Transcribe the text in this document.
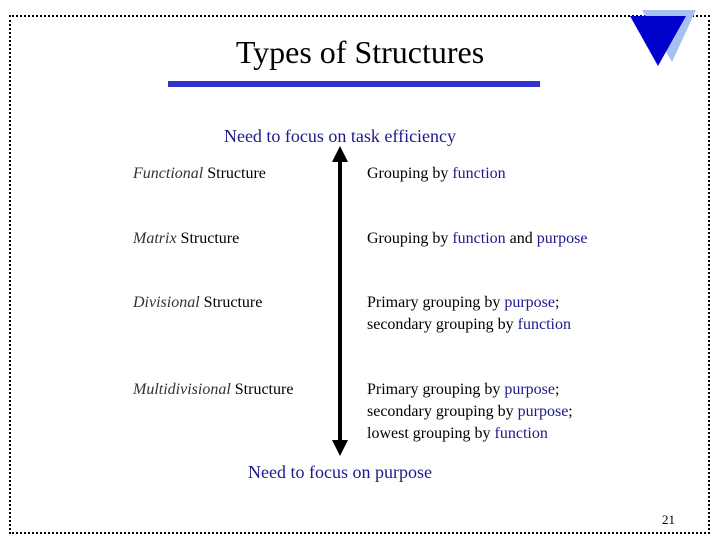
Types of Structures
Need to focus on task efficiency
Functional Structure	Grouping by function
Matrix Structure	Grouping by function and purpose
Divisional Structure	Primary grouping by purpose;
secondary grouping by function
Multidivisional Structure	Primary grouping by purpose;
secondary grouping by purpose;
lowest grouping by function
Need to focus on purpose
21
